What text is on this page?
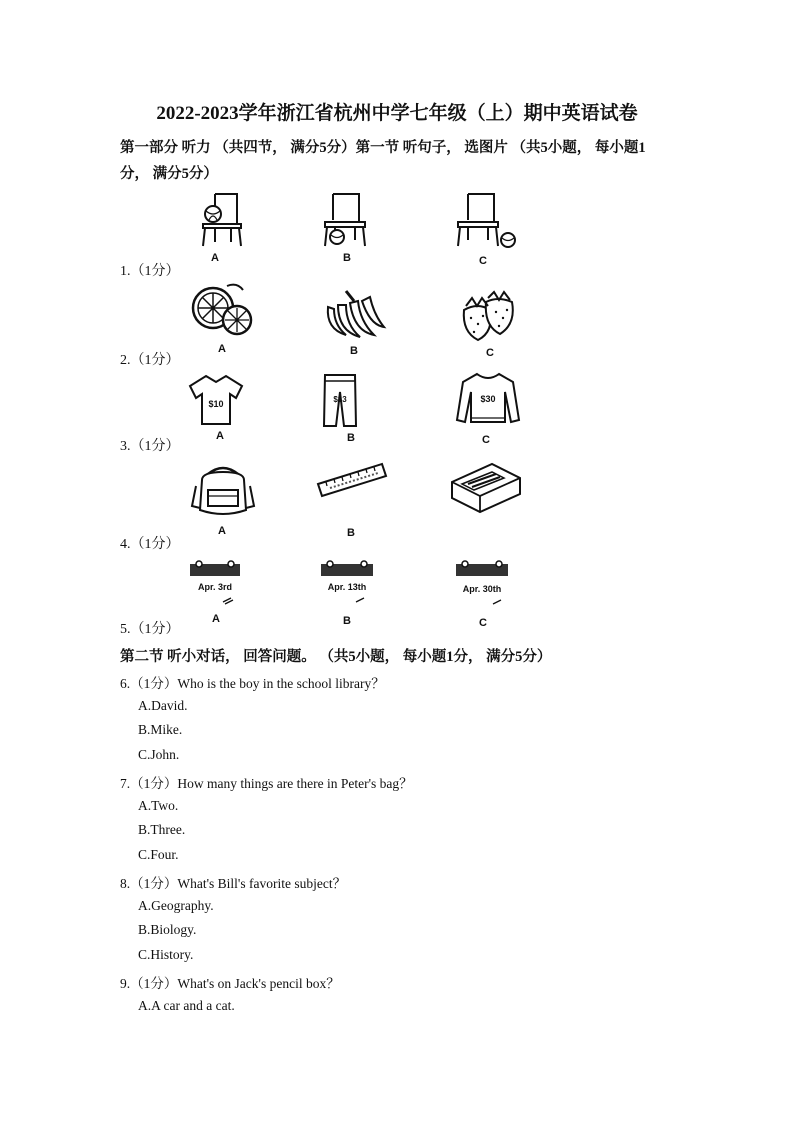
2022-2023学年浙江省杭州中学七年级（上）期中英语试卷
第一部分 听力 （共四节， 满分5分）第一节 听句子， 选图片 （共5小题， 每小题1
分， 满分5分）
A	B	C
1.（1分）
A	B	C
2.（1分）
$10
A
$13
B
$30
C
3.（1分）
A	B
4.（1分）
Apr. 3rd
A
Apr. 13th
B
Apr. 30th
C
5.（1分）
第二节 听小对话， 回答问题。 （共5小题， 每小题1分， 满分5分）
6.（1分）Who is the boy in the school library？
A.David.
B.Mike.
C.John.
7.（1分）How many things are there in Peter's bag？
A.Two.
B.Three.
C.Four.
8.（1分）What's Bill's favorite subject？
A.Geography.
B.Biology.
C.History.
9.（1分）What's on Jack's pencil box？
A.A car and a cat.
